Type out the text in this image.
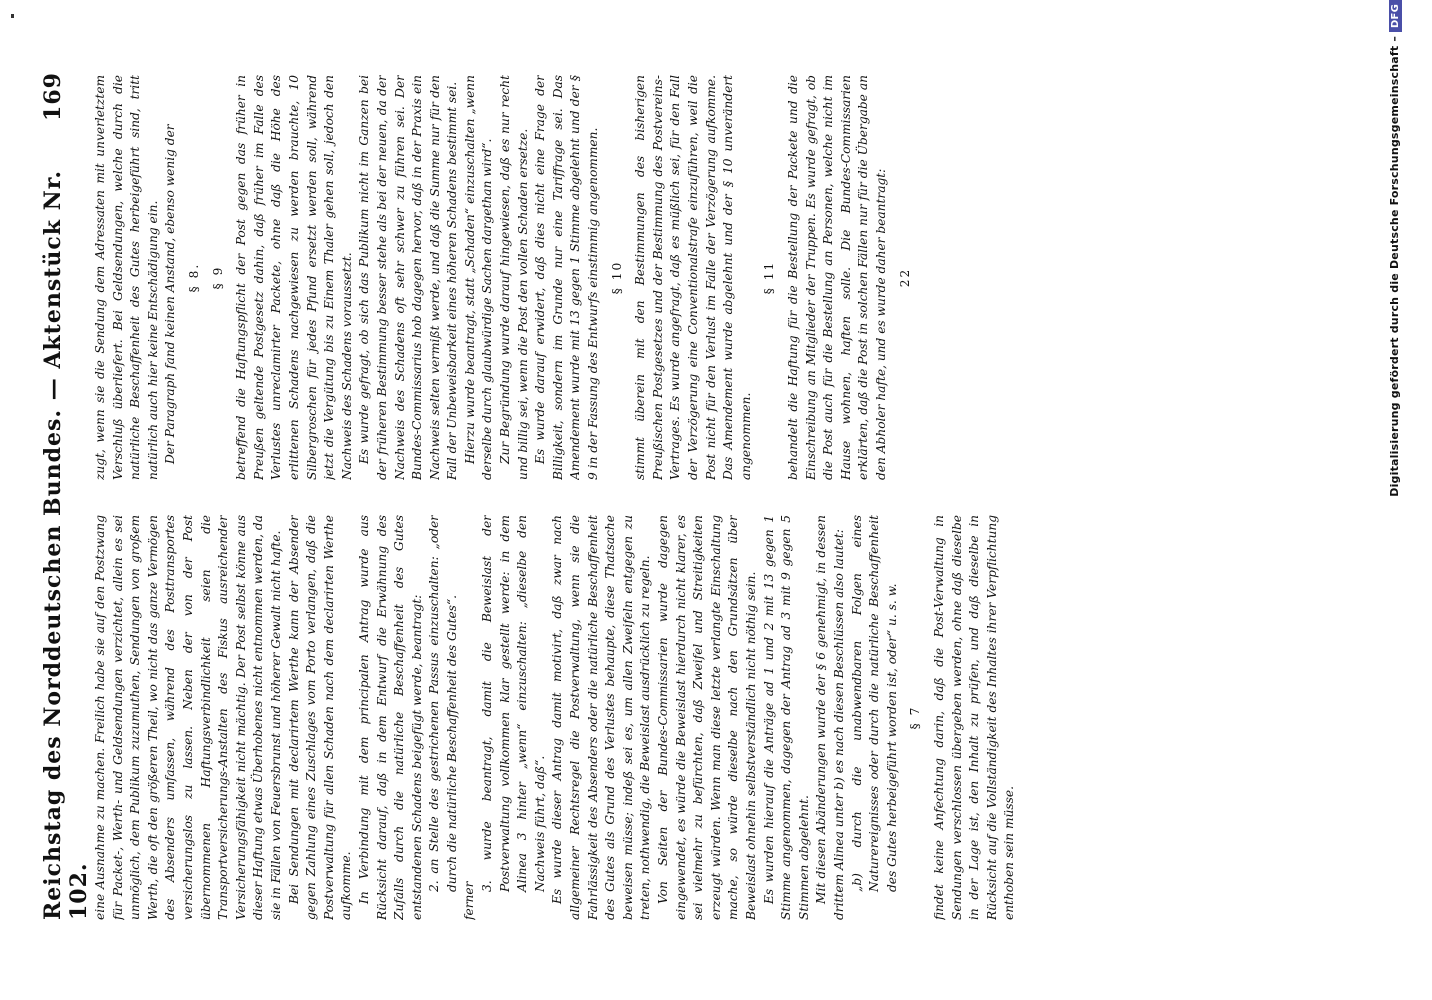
Reichstag des Norddeutschen Bundes. — Aktenstück Nr. 102.
169

eine Ausnahme zu machen. Freilich habe sie auf den Postzwang für Packet-, Werth- und Geldsendungen verzichtet, allein es sei unmöglich, dem Publikum zuzumuthen, Sendungen von großem Werth, die oft den größeren Theil, wo nicht das ganze Vermögen des Absenders umfassen, während des Posttransportes versicherungslos zu lassen. Neben der von der Post übernommenen Haftungsverbindlichkeit seien die Transportversicherungs-Anstalten des Fiskus ausreichender Versicherungsfähigkeit nicht mächtig. Der Post selbst könne aus dieser Haftung etwas Überhobenes nicht entnommen werden, da sie in Fällen von Feuersbrunst und höherer Gewalt nicht hafte. Bei Sendungen mit declarirtem Werthe kann der Absender gegen Zahlung eines Zuschlages vom Porto verlangen, daß die Postverwaltung für allen Schaden nach dem declarirten Werthe aufkomme. In Verbindung mit dem principalen Antrag wurde aus Rücksicht darauf, daß in dem Entwurf die Erwähnung des Zufalls durch die natürliche Beschaffenheit des Gutes entstandenen Schadens beigefügt werde, beantragt: 2. an Stelle des gestrichenen Passus einzuschalten: „oder durch die natürliche Beschaffenheit des Gutes“.

ferner

3. wurde beantragt, damit die Beweislast der Postverwaltung vollkommen klar gestellt werde: in dem Alinea 3 hinter „wenn“ einzuschalten: „dieselbe den Nachweis führt, daß“. Es wurde dieser Antrag damit motivirt, daß zwar nach allgemeiner Rechtsregel die Postverwaltung, wenn sie die Fahrlässigkeit des Absenders oder die natürliche Beschaffenheit des Gutes als Grund des Verlustes behaupte, diese Thatsache beweisen müsse; indeß sei es, um allen Zweifeln entgegen zu treten, nothwendig, die Beweislast ausdrücklich zu regeln. Von Seiten der Bundes-Commissarien wurde dagegen eingewendet, es würde die Beweislast hierdurch nicht klarer, es sei vielmehr zu befürchten, daß Zweifel und Streitigkeiten erzeugt würden. Wenn man diese letzte verlangte Einschaltung mache, so würde dieselbe nach den Grundsätzen über Beweislast ohnehin selbstverständlich nicht nöthig sein. Es wurden hierauf die Anträge ad 1 und 2 mit 13 gegen 1 Stimme angenommen, dagegen der Antrag ad 3 mit 9 gegen 5 Stimmen abgelehnt. Mit diesen Abänderungen wurde der § 6 genehmigt, in dessen drittem Alinea unter b) es nach diesen Beschlüssen also lautet: „b) durch die unabwendbaren Folgen eines Naturereignisses oder durch die natürliche Beschaffenheit des Gutes herbeigeführt worden ist, oder“ u. s. w. § 7 findet keine Anfechtung darin, daß die Post-Verwaltung in Sendungen verschlossen übergeben werden, ohne daß dieselbe in der Lage ist, den Inhalt zu prüfen, und daß dieselbe in Rücksicht auf die Vollständigkeit des Inhaltes ihrer Verpflichtung enthoben sein müsse.

zugt, wenn sie die Sendung dem Adressaten mit unverletztem Verschluß überliefert. Bei Geldsendungen, welche durch die natürliche Beschaffenheit des Gutes herbeigeführt sind, tritt natürlich auch hier keine Entschädigung ein. Der Paragraph fand keinen Anstand, ebenso wenig der § 8. § 9 betreffend die Haftungspflicht der Post gegen das früher in Preußen geltende Postgesetz dahin, daß früher im Falle des Verlustes unreclamirter Packete, ohne daß die Höhe des erlittenen Schadens nachgewiesen zu werden brauchte, 10 Silbergroschen für jedes Pfund ersetzt werden soll, während jetzt die Vergütung bis zu Einem Thaler gehen soll, jedoch den Nachweis des Schadens voraussetzt. Es wurde gefragt, ob sich das Publikum nicht im Ganzen bei der früheren Bestimmung besser stehe als bei der neuen, da der Nachweis des Schadens oft sehr schwer zu führen sei. Der Bundes-Commissarius hob dagegen hervor, daß in der Praxis ein Nachweis selten vermißt werde, und daß die Summe nur für den Fall der Unbeweisbarkeit eines höheren Schadens bestimmt sei. Hierzu wurde beantragt, statt „Schaden“ einzuschalten „wenn derselbe durch glaubwürdige Sachen dargethan wird“. Zur Begründung wurde darauf hingewiesen, daß es nur recht und billig sei, wenn die Post den vollen Schaden ersetze. Es wurde darauf erwidert, daß dies nicht eine Frage der Billigkeit, sondern im Grunde nur eine Tariffrage sei. Das Amendement wurde mit 13 gegen 1 Stimme abgelehnt und der § 9 in der Fassung des Entwurfs einstimmig angenommen. § 10 stimmt überein mit den Bestimmungen des bisherigen Preußischen Postgesetzes und der Bestimmung des Postvereins-Vertrages. Es wurde angefragt, daß es müßlich sei, für den Fall der Verzögerung eine Conventionalstrafe einzuführen, weil die Post nicht für den Verlust im Falle der Verzögerung aufkomme. Das Amendement wurde abgelehnt und der § 10 unverändert angenommen.

§ 11 behandelt die Haftung für die Bestellung der Packete und die Einschreibung an Mitglieder der Truppen. Es wurde gefragt, ob die Post auch für die Bestellung an Personen, welche nicht im Hause wohnen, haften solle. Die Bundes-Commissarien erklärten, daß die Post in solchen Fällen nur für die Übergabe an den Abholer hafte, und es wurde daher beantragt: 22	Digitalisierung gefördert durch die Deutsche Forschungsgemeinschaft –DFG
